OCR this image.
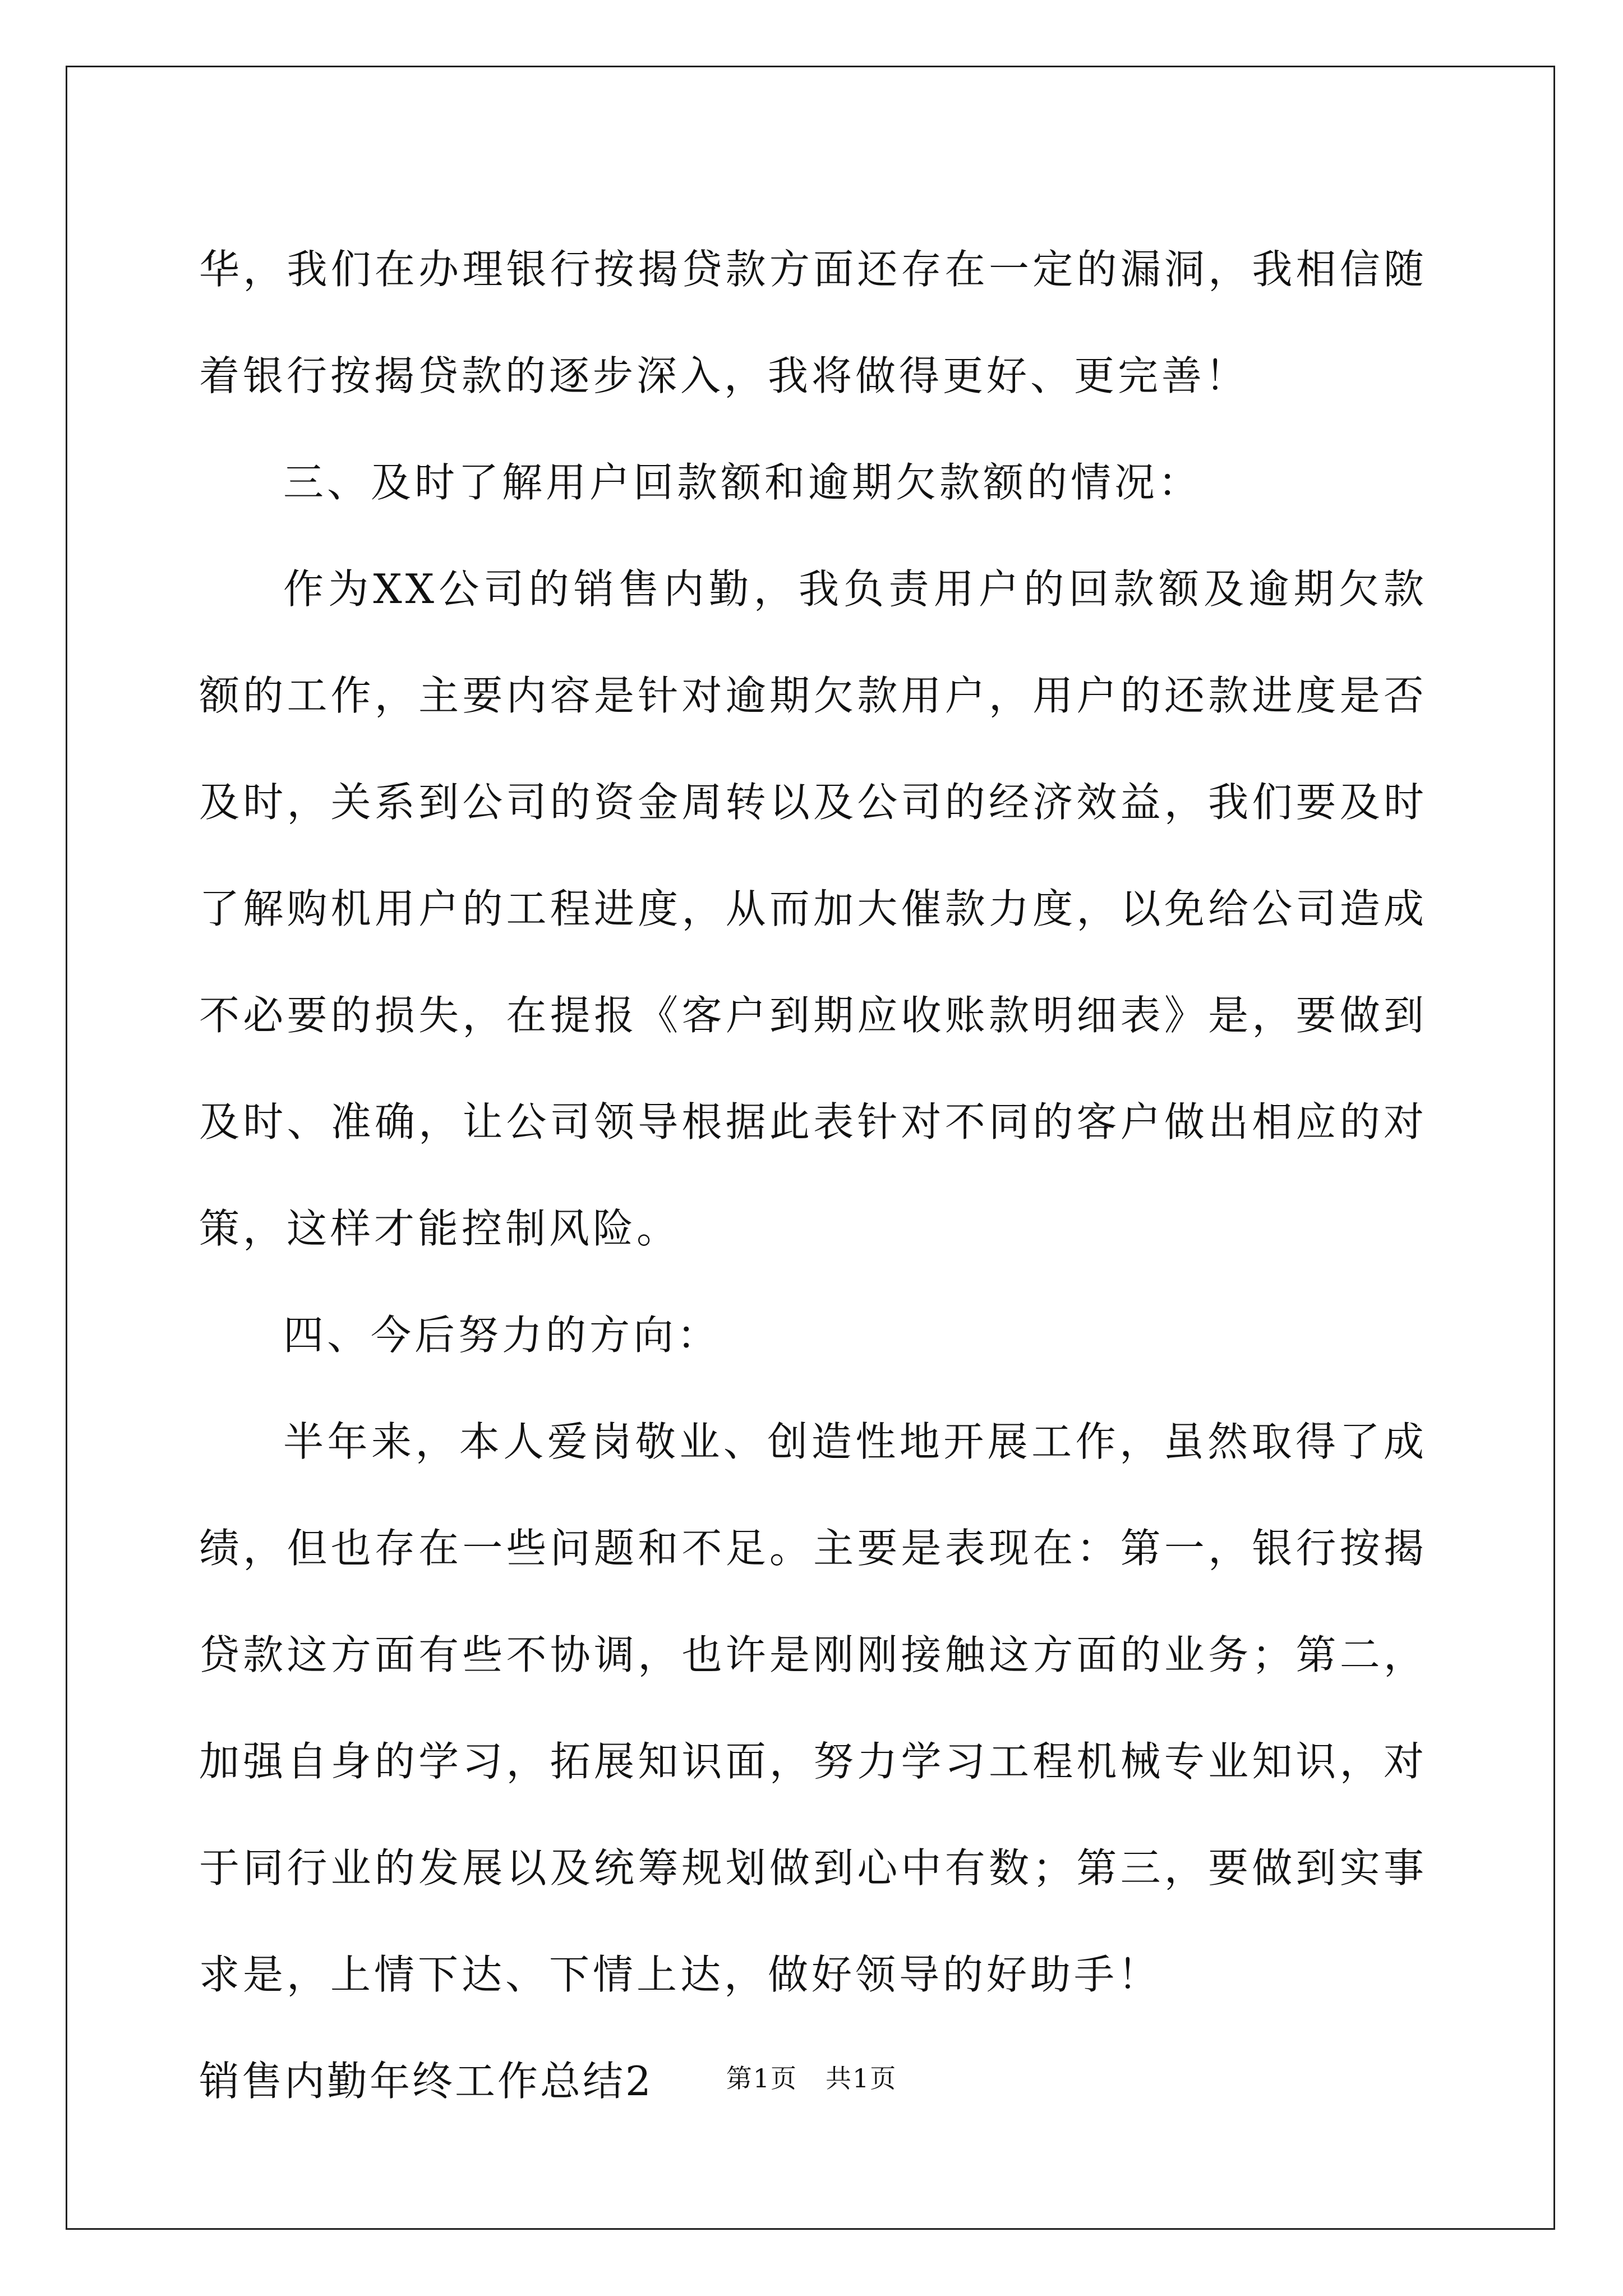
华，我们在办理银行按揭贷款方面还存在一定的漏洞，我相信随着银行按揭贷款的逐步深入，我将做得更好、更完善！

三、及时了解用户回款额和逾期欠款额的情况：

作为XX公司的销售内勤，我负责用户的回款额及逾期欠款额的工作，主要内容是针对逾期欠款用户，用户的还款进度是否及时，关系到公司的资金周转以及公司的经济效益，我们要及时了解购机用户的工程进度，从而加大催款力度，以免给公司造成不必要的损失，在提报《客户到期应收账款明细表》是，要做到及时、准确，让公司领导根据此表针对不同的客户做出相应的对策，这样才能控制风险。

四、今后努力的方向：

半年来，本人爱岗敬业、创造性地开展工作，虽然取得了成绩，但也存在一些问题和不足。主要是表现在：第一，银行按揭贷款这方面有些不协调，也许是刚刚接触这方面的业务；第二，加强自身的学习，拓展知识面，努力学习工程机械专业知识，对于同行业的发展以及统筹规划做到心中有数；第三，要做到实事求是，上情下达、下情上达，做好领导的好助手！

销售内勤年终工作总结2	第1页 共1页
